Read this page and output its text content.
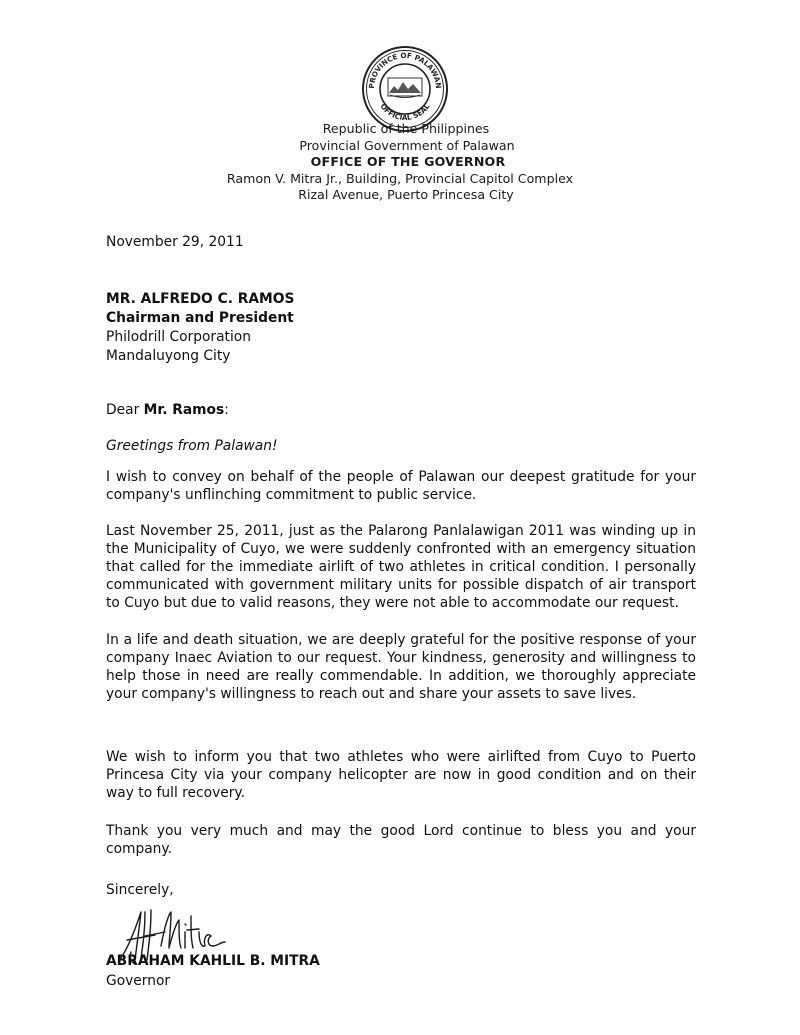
PROVINCE OF PALAWAN
OFFICIAL SEAL
Republic of the Philippines
Provincial Government of Palawan
OFFICE OF THE GOVERNOR
Ramon V. Mitra Jr., Building, Provincial Capitol Complex
Rizal Avenue, Puerto Princesa City
November 29, 2011
MR. ALFREDO C. RAMOS
Chairman and President
Philodrill Corporation
Mandaluyong City
Dear Mr. Ramos:
Greetings from Palawan!

I wish to convey on behalf of the people of Palawan our deepest gratitude for your company's unflinching commitment to public service.

Last November 25, 2011, just as the Palarong Panlalawigan 2011 was winding up in the Municipality of Cuyo, we were suddenly confronted with an emergency situation that called for the immediate airlift of two athletes in critical condition. I personally communicated with government military units for possible dispatch of air transport to Cuyo but due to valid reasons, they were not able to accommodate our request.

In a life and death situation, we are deeply grateful for the positive response of your company Inaec Aviation to our request. Your kindness, generosity and willingness to help those in need are really commendable. In addition, we thoroughly appreciate your company's willingness to reach out and share your assets to save lives.

We wish to inform you that two athletes who were airlifted from Cuyo to Puerto Princesa City via your company helicopter are now in good condition and on their way to full recovery.

Thank you very much and may the good Lord continue to bless you and your company.

Sincerely,
ABRAHAM KAHLIL B. MITRA
Governor
